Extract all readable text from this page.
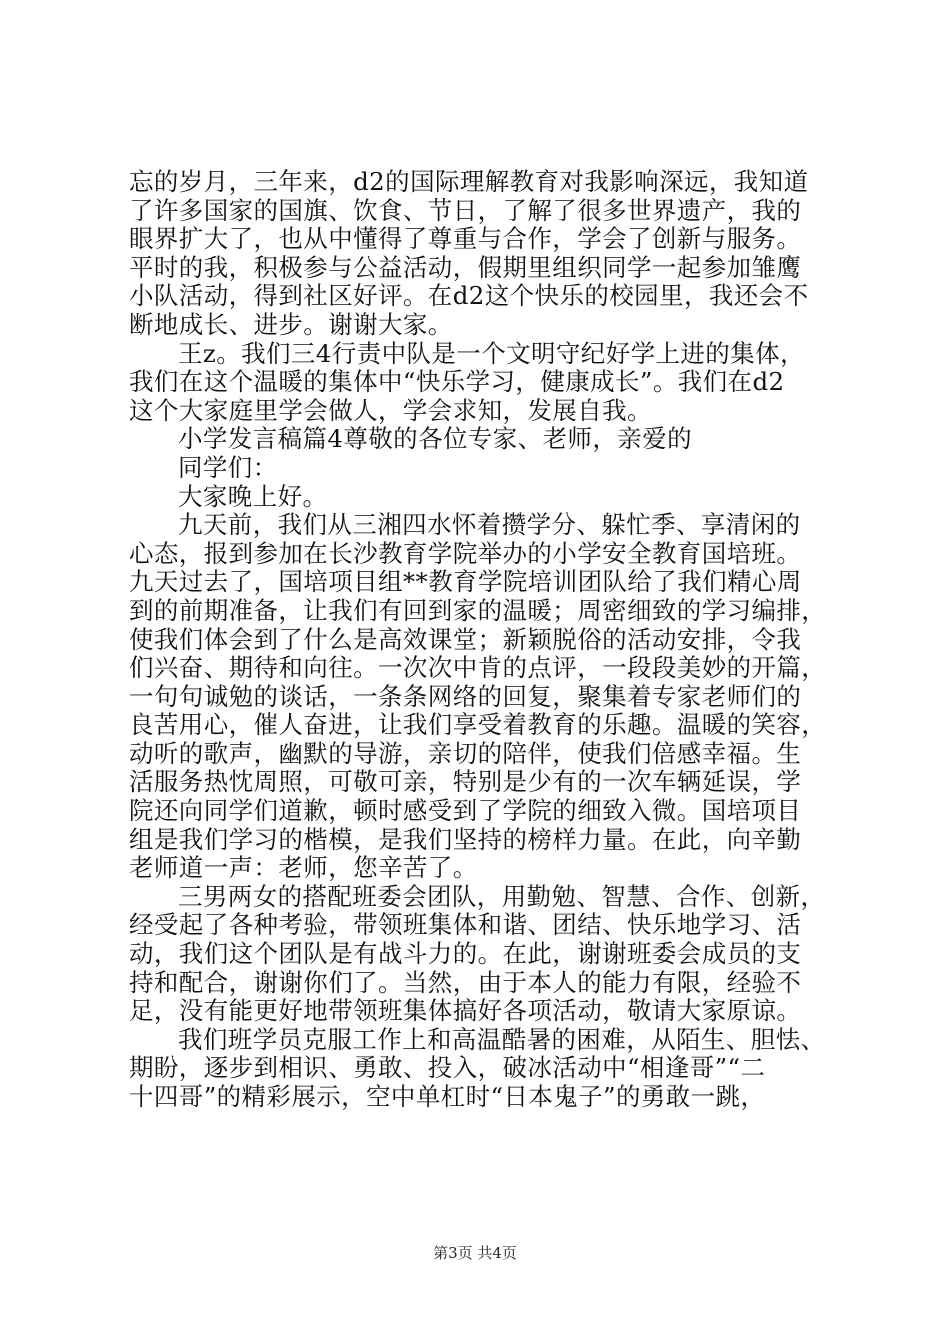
忘的岁月，三年来，d2的国际理解教育对我影响深远，我知道
了许多国家的国旗、饮食、节日，了解了很多世界遗产，我的
眼界扩大了，也从中懂得了尊重与合作，学会了创新与服务。
平时的我，积极参与公益活动，假期里组织同学一起参加雏鹰
小队活动，得到社区好评。在d2这个快乐的校园里，我还会不
断地成长、进步。谢谢大家。
王z。我们三4行责中队是一个文明守纪好学上进的集体，
我们在这个温暖的集体中“快乐学习，健康成长”。我们在d2
这个大家庭里学会做人，学会求知，发展自我。
小学发言稿篇4尊敬的各位专家、老师，亲爱的
同学们：
大家晚上好。
九天前，我们从三湘四水怀着攒学分、躲忙季、享清闲的
心态，报到参加在长沙教育学院举办的小学安全教育国培班。
九天过去了，国培项目组**教育学院培训团队给了我们精心周
到的前期准备，让我们有回到家的温暖；周密细致的学习编排，
使我们体会到了什么是高效课堂；新颖脱俗的活动安排，令我
们兴奋、期待和向往。一次次中肯的点评，一段段美妙的开篇，
一句句诚勉的谈话，一条条网络的回复，聚集着专家老师们的
良苦用心，催人奋进，让我们享受着教育的乐趣。温暖的笑容，
动听的歌声，幽默的导游，亲切的陪伴，使我们倍感幸福。生
活服务热忱周照，可敬可亲，特别是少有的一次车辆延误，学
院还向同学们道歉，顿时感受到了学院的细致入微。国培项目
组是我们学习的楷模，是我们坚持的榜样力量。在此，向辛勤
老师道一声：老师，您辛苦了。
三男两女的搭配班委会团队，用勤勉、智慧、合作、创新，
经受起了各种考验，带领班集体和谐、团结、快乐地学习、活
动，我们这个团队是有战斗力的。在此，谢谢班委会成员的支
持和配合，谢谢你们了。当然，由于本人的能力有限，经验不
足，没有能更好地带领班集体搞好各项活动，敬请大家原谅。
我们班学员克服工作上和高温酷暑的困难，从陌生、胆怯、
期盼，逐步到相识、勇敢、投入，破冰活动中“相逢哥”“二
十四哥”的精彩展示，空中单杠时“日本鬼子”的勇敢一跳，
第3页 共4页
